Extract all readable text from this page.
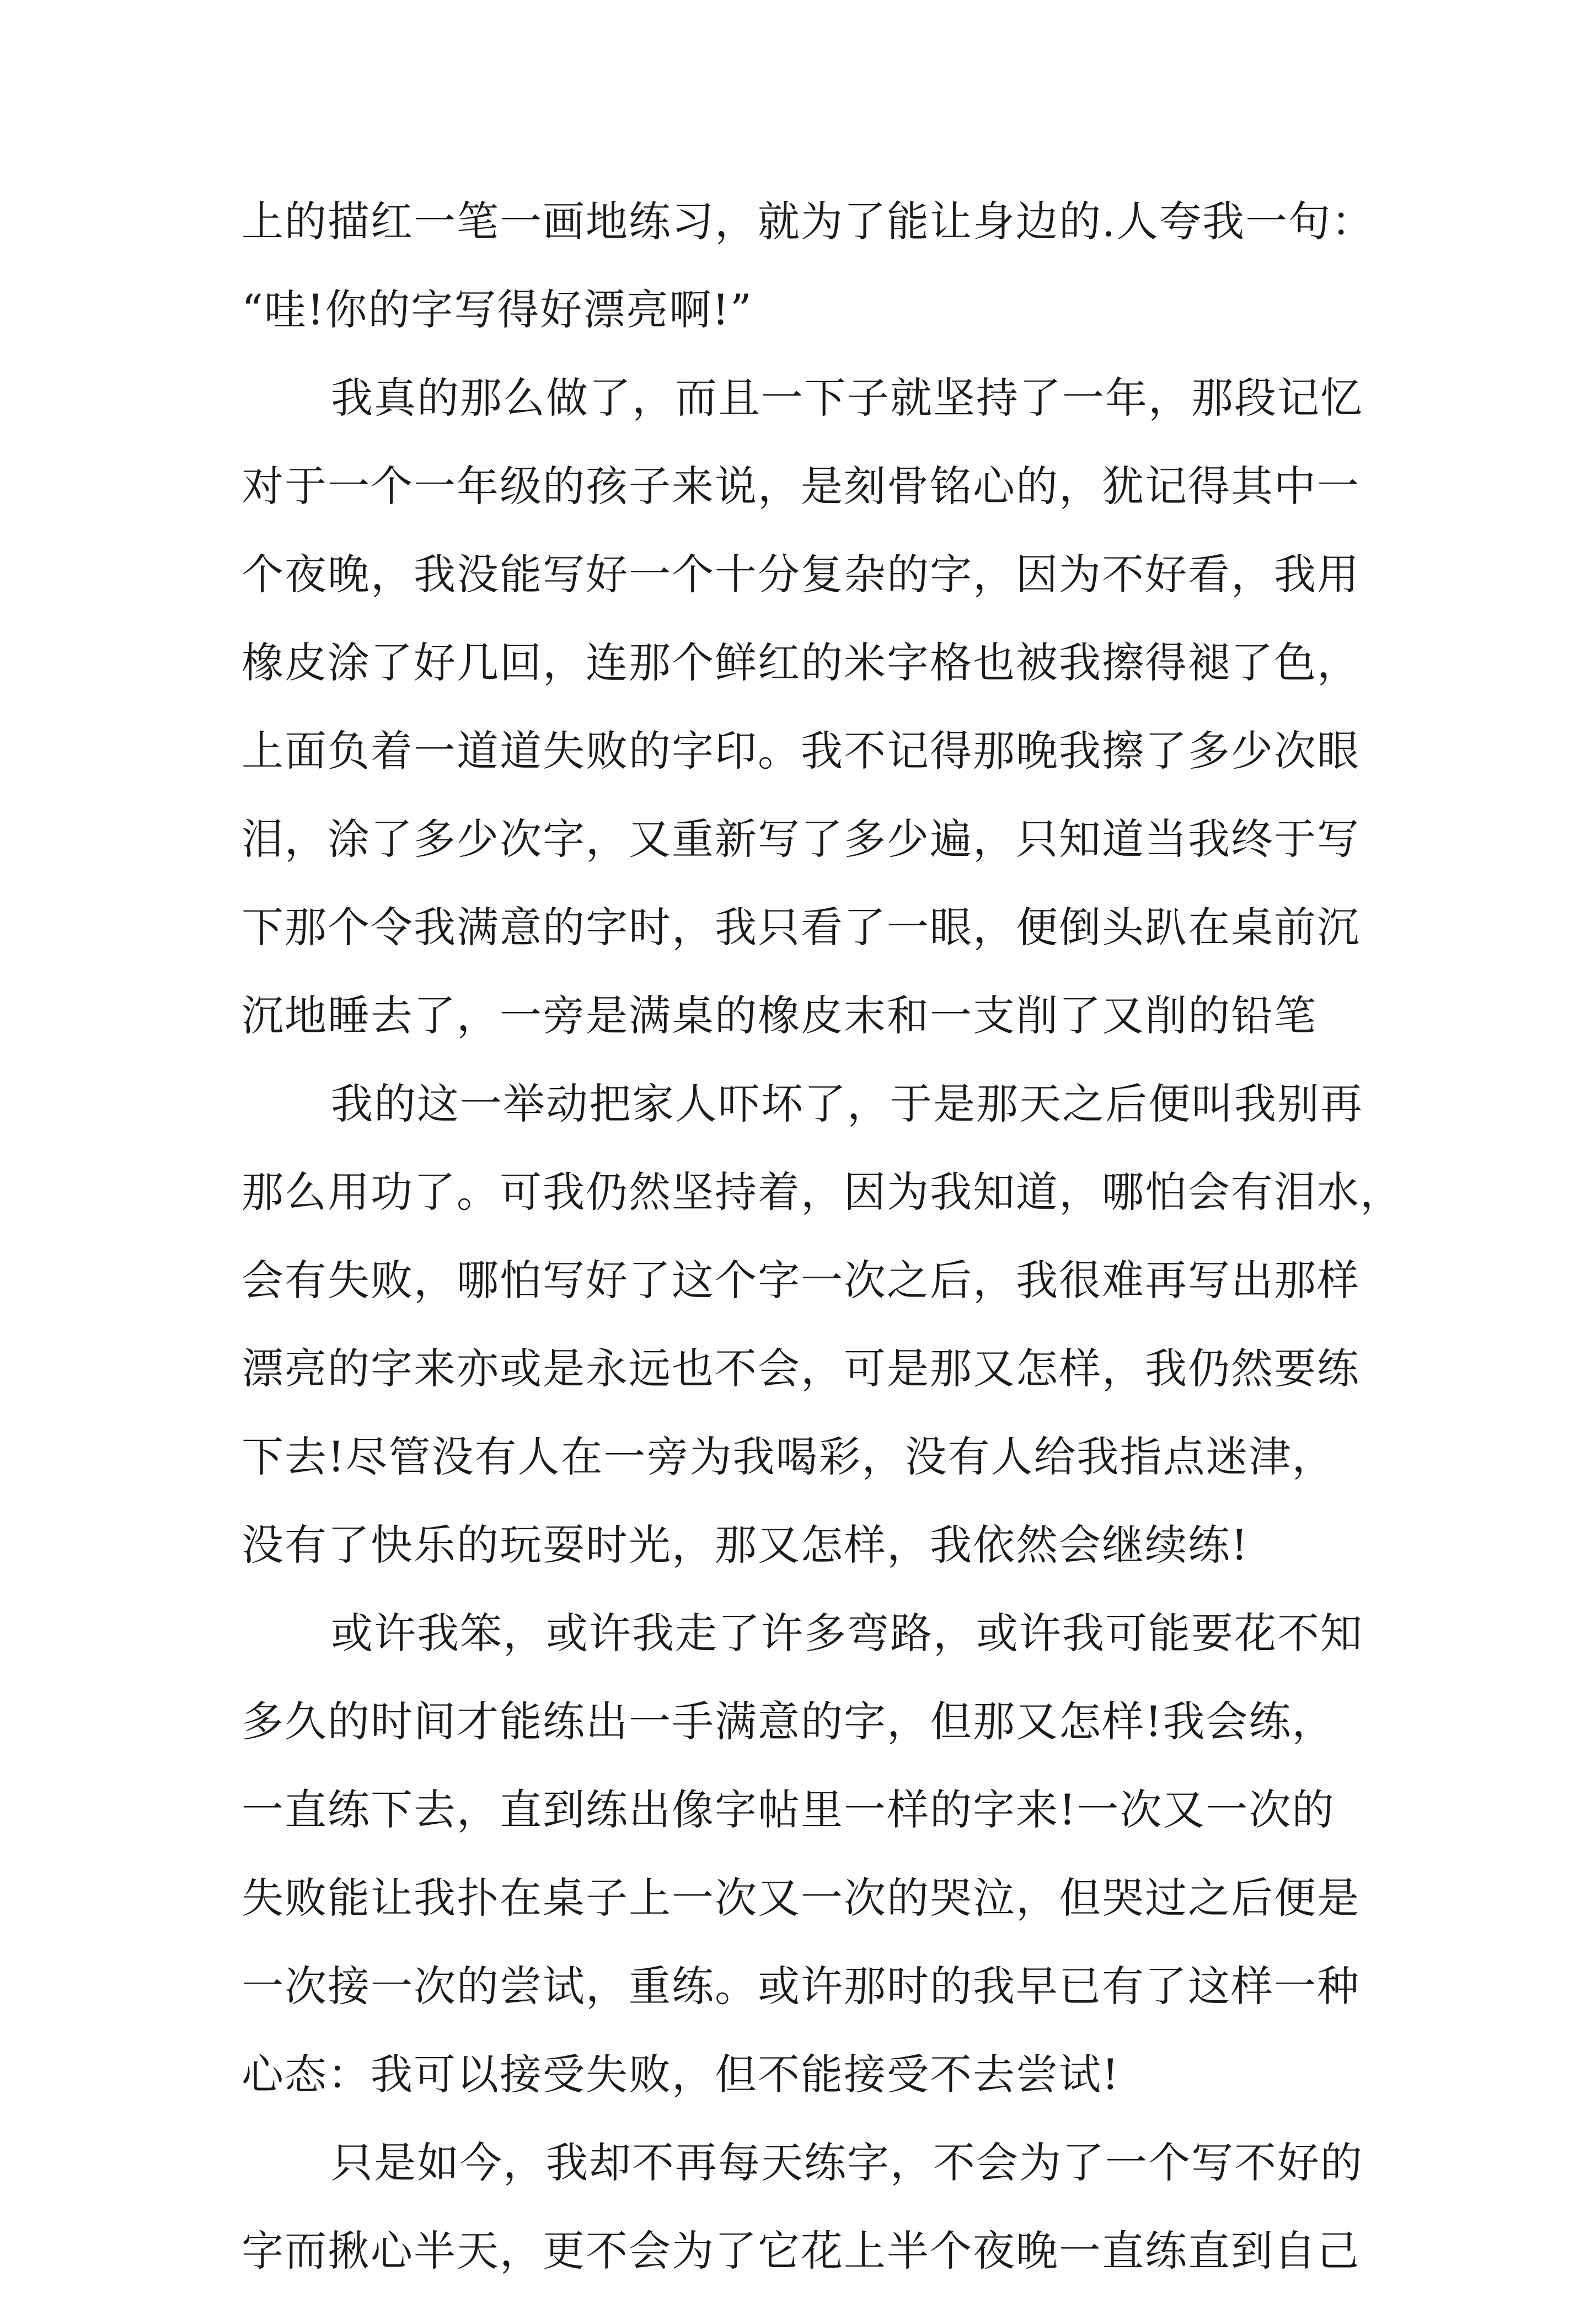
上的描红一笔一画地练习，就为了能让身边的.人夸我一句：
“哇!你的字写得好漂亮啊!”
我真的那么做了，而且一下子就坚持了一年，那段记忆
对于一个一年级的孩子来说，是刻骨铭心的，犹记得其中一
个夜晚，我没能写好一个十分复杂的字，因为不好看，我用
橡皮涂了好几回，连那个鲜红的米字格也被我擦得褪了色，
上面负着一道道失败的字印。我不记得那晚我擦了多少次眼
泪，涂了多少次字，又重新写了多少遍，只知道当我终于写
下那个令我满意的字时，我只看了一眼，便倒头趴在桌前沉
沉地睡去了，一旁是满桌的橡皮末和一支削了又削的铅笔
我的这一举动把家人吓坏了，于是那天之后便叫我别再
那么用功了。可我仍然坚持着，因为我知道，哪怕会有泪水，
会有失败，哪怕写好了这个字一次之后，我很难再写出那样
漂亮的字来亦或是永远也不会，可是那又怎样，我仍然要练
下去!尽管没有人在一旁为我喝彩，没有人给我指点迷津，
没有了快乐的玩耍时光，那又怎样，我依然会继续练!
或许我笨，或许我走了许多弯路，或许我可能要花不知
多久的时间才能练出一手满意的字，但那又怎样!我会练，
一直练下去，直到练出像字帖里一样的字来!一次又一次的
失败能让我扑在桌子上一次又一次的哭泣，但哭过之后便是
一次接一次的尝试，重练。或许那时的我早已有了这样一种
心态：我可以接受失败，但不能接受不去尝试!
只是如今，我却不再每天练字，不会为了一个写不好的
字而揪心半天，更不会为了它花上半个夜晚一直练直到自己
